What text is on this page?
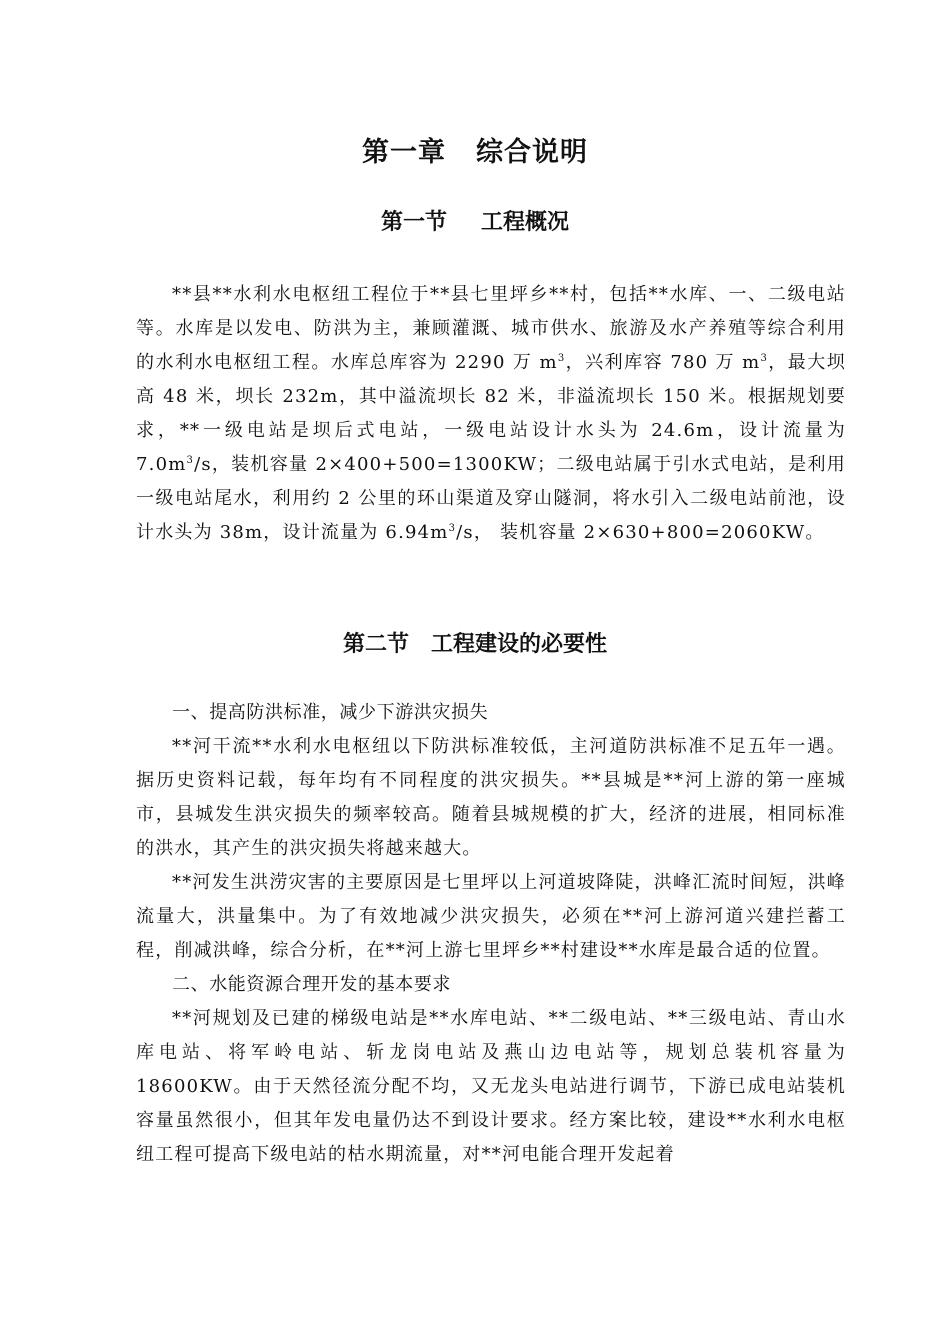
第一章 综合说明
第一节 工程概况

**县**水利水电枢纽工程位于**县七里坪乡**村，包括**水库、一、二级电站等。水库是以发电、防洪为主，兼顾灌溉、城市供水、旅游及水产养殖等综合利用的水利水电枢纽工程。水库总库容为 2290 万 $m^3$，兴利库容 780 万 $m^3$，最大坝高 48 米，坝长 232m，其中溢流坝长 82 米，非溢流坝长 150 米。根据规划要求，**一级电站是坝后式电站，一级电站设计水头为 24.6m，设计流量为 $7.0m^3/s$，装机容量 2×400+500=1300KW；二级电站属于引水式电站，是利用一级电站尾水，利用约 2 公里的环山渠道及穿山隧洞，将水引入二级电站前池，设计水头为 38m，设计流量为 $6.94m^3/s$， 装机容量 2×630+800=2060KW。

第二节 工程建设的必要性

一、提高防洪标准，减少下游洪灾损失

**河干流**水利水电枢纽以下防洪标准较低，主河道防洪标准不足五年一遇。据历史资料记载，每年均有不同程度的洪灾损失。**县城是**河上游的第一座城市，县城发生洪灾损失的频率较高。随着县城规模的扩大，经济的进展，相同标准的洪水，其产生的洪灾损失将越来越大。

**河发生洪涝灾害的主要原因是七里坪以上河道坡降陡，洪峰汇流时间短，洪峰流量大，洪量集中。为了有效地减少洪灾损失，必须在**河上游河道兴建拦蓄工程，削减洪峰，综合分析，在**河上游七里坪乡**村建设**水库是最合适的位置。

二、水能资源合理开发的基本要求

**河规划及已建的梯级电站是**水库电站、**二级电站、**三级电站、青山水库电站、将军岭电站、斩龙岗电站及燕山边电站等，规划总装机容量为 18600KW。由于天然径流分配不均，又无龙头电站进行调节，下游已成电站装机容量虽然很小，但其年发电量仍达不到设计要求。经方案比较，建设**水利水电枢纽工程可提高下级电站的枯水期流量，对**河电能合理开发起着
